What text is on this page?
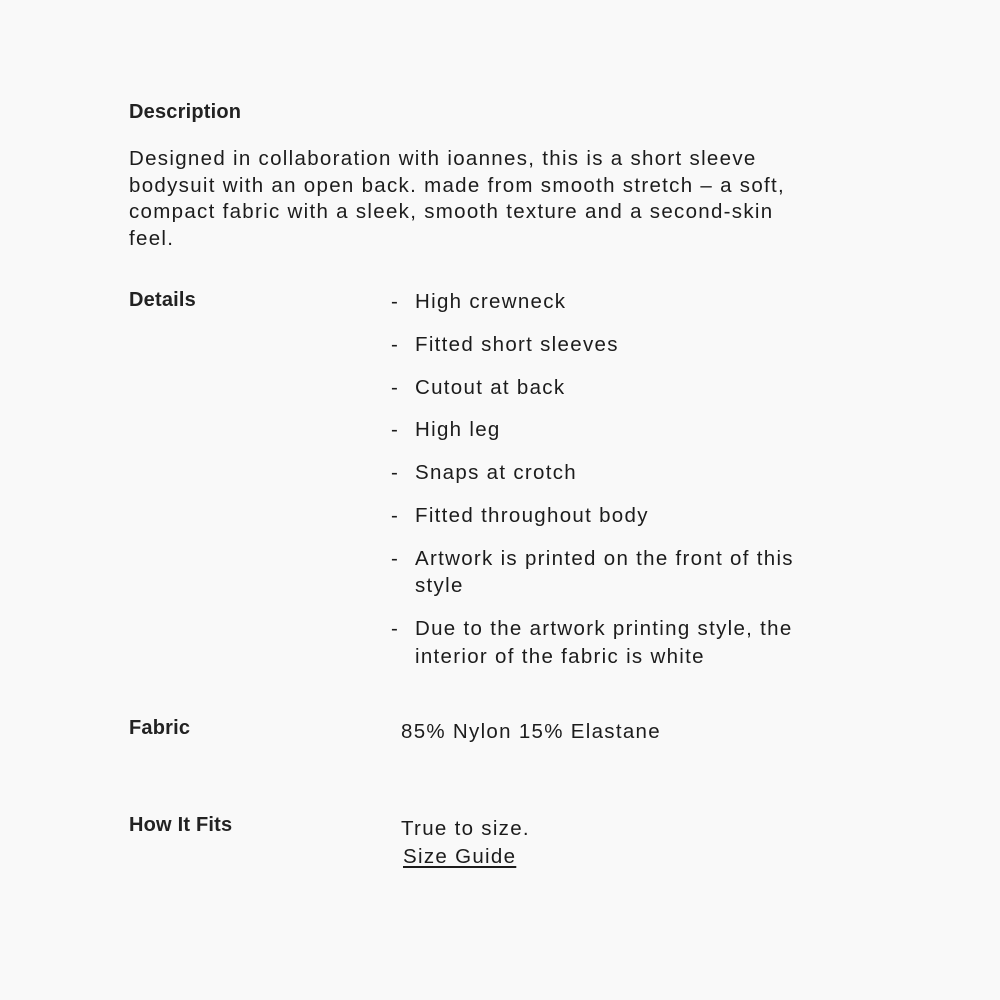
Description

Designed in collaboration with ioannes, this is a short sleeve bodysuit with an open back. made from smooth stretch – a soft, compact fabric with a sleek, smooth texture and a second-skin feel.

Details	- High crewneck
- Fitted short sleeves
- Cutout at back
- High leg
- Snaps at crotch
- Fitted throughout body
- Artwork is printed on the front of this style
- Due to the artwork printing style, the interior of the fabric is white
Fabric	85% Nylon 15% Elastane
How It Fits	True to size.
Size Guide
